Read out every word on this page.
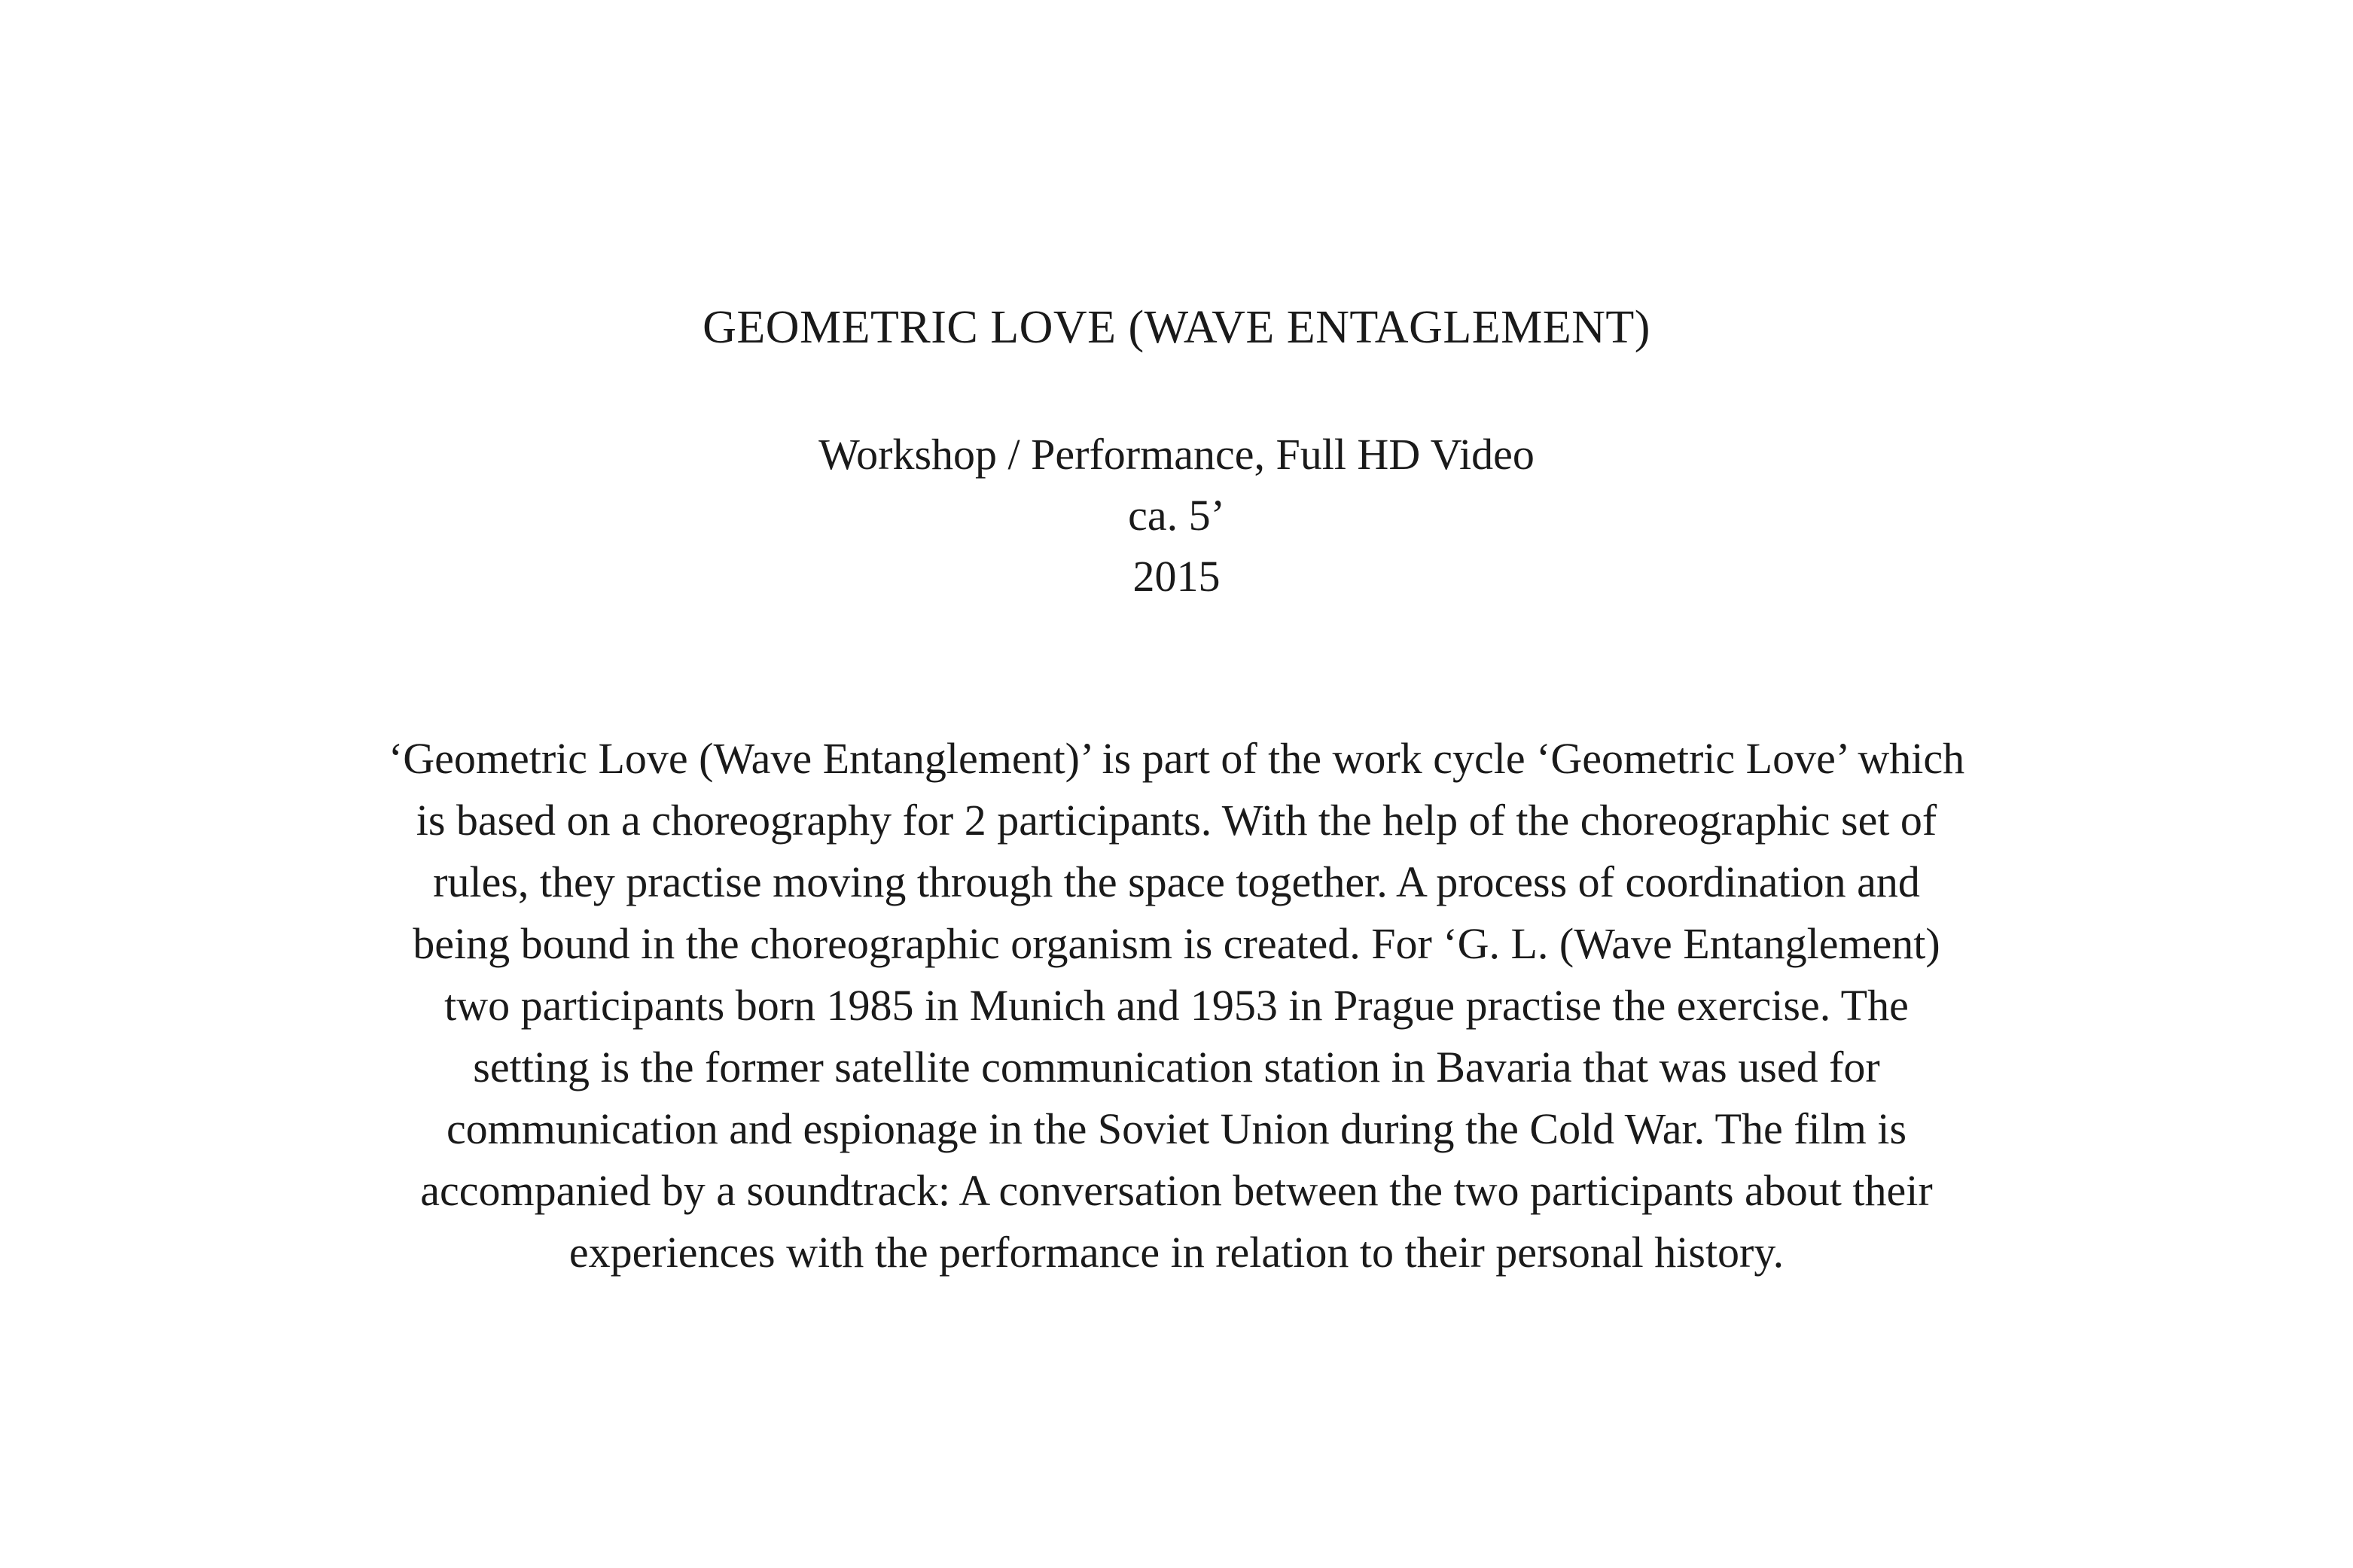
GEOMETRIC LOVE (WAVE ENTAGLEMENT)
Workshop / Performance, Full HD Video
ca. 5’
2015
‘Geometric Love (Wave Entanglement)’ is part of the work cycle ‘Geometric Love’ which
is based on a choreography for 2 participants. With the help of the choreographic set of
rules, they practise moving through the space together. A process of coordination and
being bound in the choreographic organism is created. For ‘G. L. (Wave Entanglement)
two participants born 1985 in Munich and 1953 in Prague practise the exercise. The
setting is the former satellite communication station in Bavaria that was used for
communication and espionage in the Soviet Union during the Cold War. The film is
accompanied by a soundtrack: A conversation between the two participants about their
experiences with the performance in relation to their personal history.
